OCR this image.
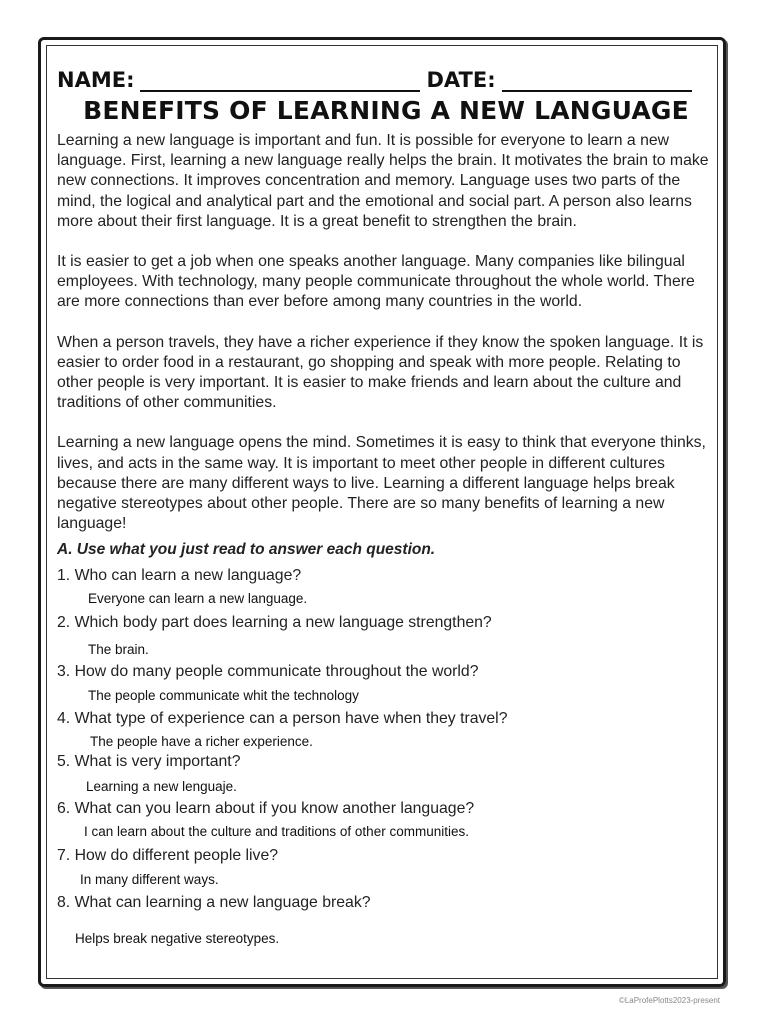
NAME:	DATE:
BENEFITS OF LEARNING A NEW LANGUAGE

Learning a new language is important and fun. It is possible for everyone to learn a new language. First, learning a new language really helps the brain. It motivates the brain to make new connections. It improves concentration and memory. Language uses two parts of the mind, the logical and analytical part and the emotional and social part. A person also learns more about their first language. It is a great benefit to strengthen the brain.

It is easier to get a job when one speaks another language. Many companies like bilingual employees. With technology, many people communicate throughout the whole world. There are more connections than ever before among many countries in the world.

When a person travels, they have a richer experience if they know the spoken language. It is easier to order food in a restaurant, go shopping and speak with more people. Relating to other people is very important. It is easier to make friends and learn about the culture and traditions of other communities.

Learning a new language opens the mind. Sometimes it is easy to think that everyone thinks, lives, and acts in the same way. It is important to meet other people in different cultures because there are many different ways to live. Learning a different language helps break negative stereotypes about other people. There are so many benefits of learning a new language!

A. Use what you just read to answer each question.
1. Who can learn a new language?
Everyone can learn a new language.
2. Which body part does learning a new language strengthen?
The brain.
3. How do many people communicate throughout the world?
The people communicate whit the technology
4. What type of experience can a person have when they travel?
The people have a richer experience.
5. What is very important?
Learning a new lenguaje.
6. What can you learn about if you know another language?
I can learn about the culture and traditions of other communities.
7. How do different people live?
In many different ways.
8. What can learning a new language break?
Helps break negative stereotypes.
©LaProfePlotts2023-present
